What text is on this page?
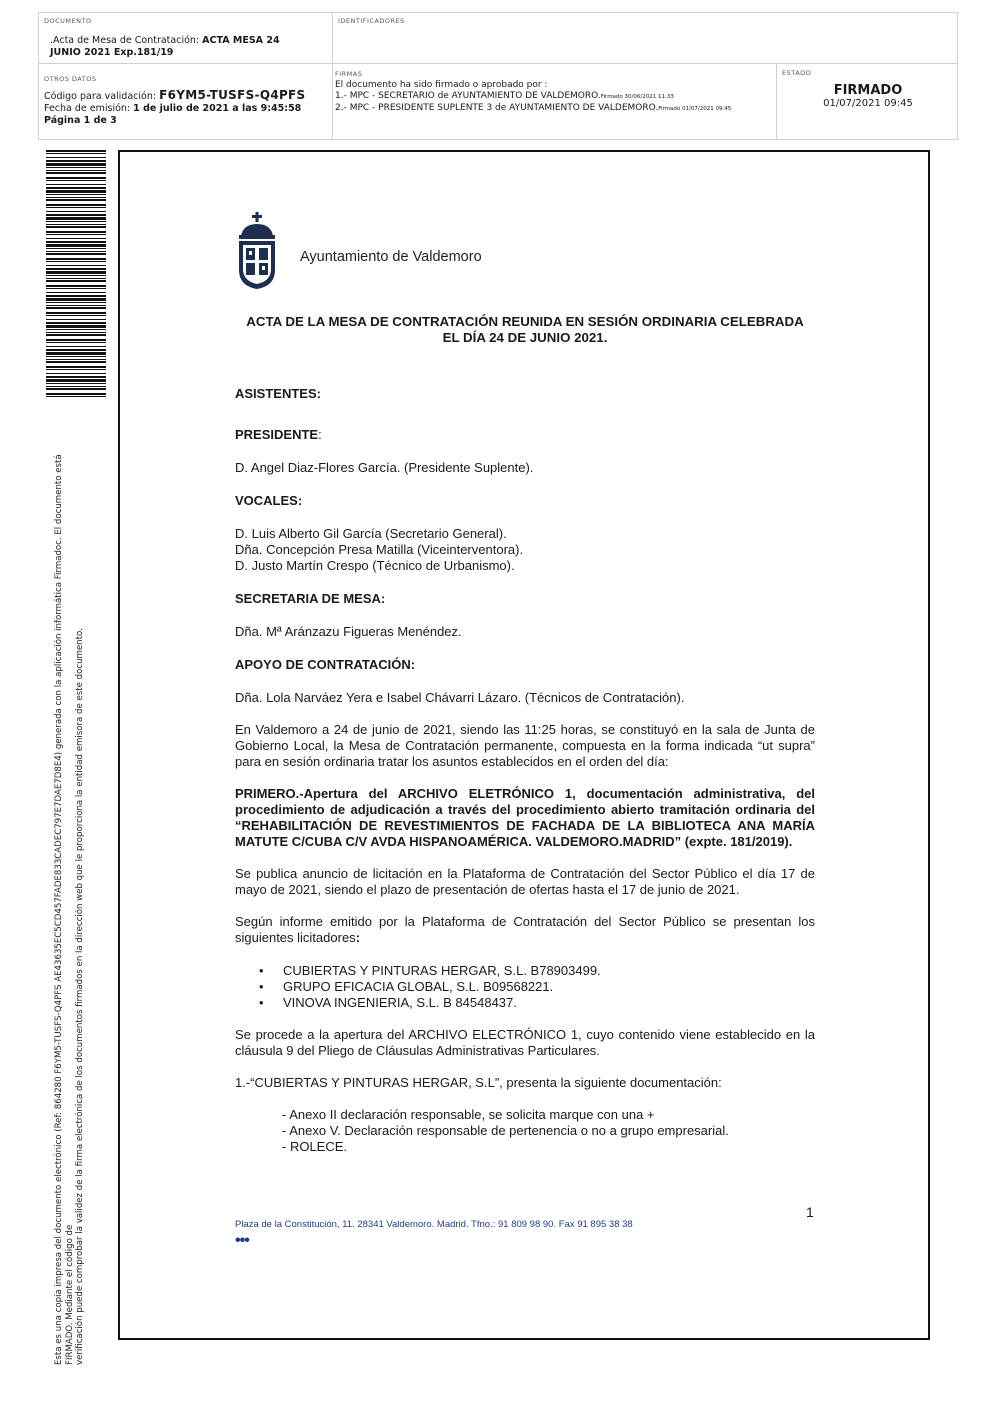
DOCUMENTO
.Acta de Mesa de Contratación: ACTA MESA 24
JUNIO 2021 Exp.181/19
IDENTIFICADORES
OTROS DATOS
Código para validación: F6YM5-TUSFS-Q4PFS
Fecha de emisión: 1 de julio de 2021 a las 9:45:58
Página 1 de 3
FIRMAS
El documento ha sido firmado o aprobado por :
1.- MPC - SECRETARIO de AYUNTAMIENTO DE VALDEMORO.Firmado 30/06/2021 11:33
2.- MPC - PRESIDENTE SUPLENTE 3 de AYUNTAMIENTO DE VALDEMORO.Firmado 01/07/2021 09:45
ESTADO
FIRMADO
01/07/2021 09:45
Esta es una copia impresa del documento electrónico (Ref: 864280 F6YM5-TUSFS-Q4PFS AE43635EC5CD457FADE833CADEC797E7DAE7D8E4) generada con la aplicación informática Firmadoc. El documento está FIRMADO. Mediante el código de verificación puede comprobar la validez de la firma electrónica de los documentos firmados en la dirección web que le proporciona la entidad emisora de este documento.
Ayuntamiento de Valdemoro
ACTA DE LA MESA DE CONTRATACIÓN REUNIDA EN SESIÓN ORDINARIA CELEBRADA
EL DÍA 24 DE JUNIO 2021.

ASISTENTES:

PRESIDENTE:

D. Angel Diaz-Flores García. (Presidente Suplente).

VOCALES:

D. Luis Alberto Gil García (Secretario General).
Dña. Concepción Presa Matilla (Viceinterventora).
D. Justo Martín Crespo (Técnico de Urbanismo).

SECRETARIA DE MESA:

Dña. Mª Aránzazu Figueras Menéndez.

APOYO DE CONTRATACIÓN:

Dña. Lola Narváez Yera e Isabel Chávarri Lázaro. (Técnicos de Contratación).

En Valdemoro a 24 de junio de 2021, siendo las 11:25 horas, se constituyó en la sala de Junta de Gobierno Local, la Mesa de Contratación permanente, compuesta en la forma indicada “ut supra” para en sesión ordinaria tratar los asuntos establecidos en el orden del día:

PRIMERO.-Apertura del ARCHIVO ELETRÓNICO 1, documentación administrativa, del procedimiento de adjudicación a través del procedimiento abierto tramitación ordinaria del “REHABILITACIÓN DE REVESTIMIENTOS DE FACHADA DE LA BIBLIOTECA ANA MARÍA MATUTE C/CUBA C/V AVDA HISPANOAMÉRICA. VALDEMORO.MADRID” (expte. 181/2019).

Se publica anuncio de licitación en la Plataforma de Contratación del Sector Público el día 17 de mayo de 2021, siendo el plazo de presentación de ofertas hasta el 17 de junio de 2021.

Según informe emitido por la Plataforma de Contratación del Sector Público se presentan los siguientes licitadores:

• CUBIERTAS Y PINTURAS HERGAR, S.L. B78903499.
• GRUPO EFICACIA GLOBAL, S.L. B09568221.
• VINOVA INGENIERIA, S.L. B 84548437.

Se procede a la apertura del ARCHIVO ELECTRÓNICO 1, cuyo contenido viene establecido en la cláusula 9 del Pliego de Cláusulas Administrativas Particulares.

1.-“CUBIERTAS Y PINTURAS HERGAR, S.L”, presenta la siguiente documentación:

- Anexo II declaración responsable, se solicita marque con una +
- Anexo V. Declaración responsable de pertenencia o no a grupo empresarial.
- ROLECE.
1
Plaza de la Constitución, 11. 28341 Valdemoro. Madrid. Tfno.: 91 809 98 90. Fax 91 895 38 38
•••
